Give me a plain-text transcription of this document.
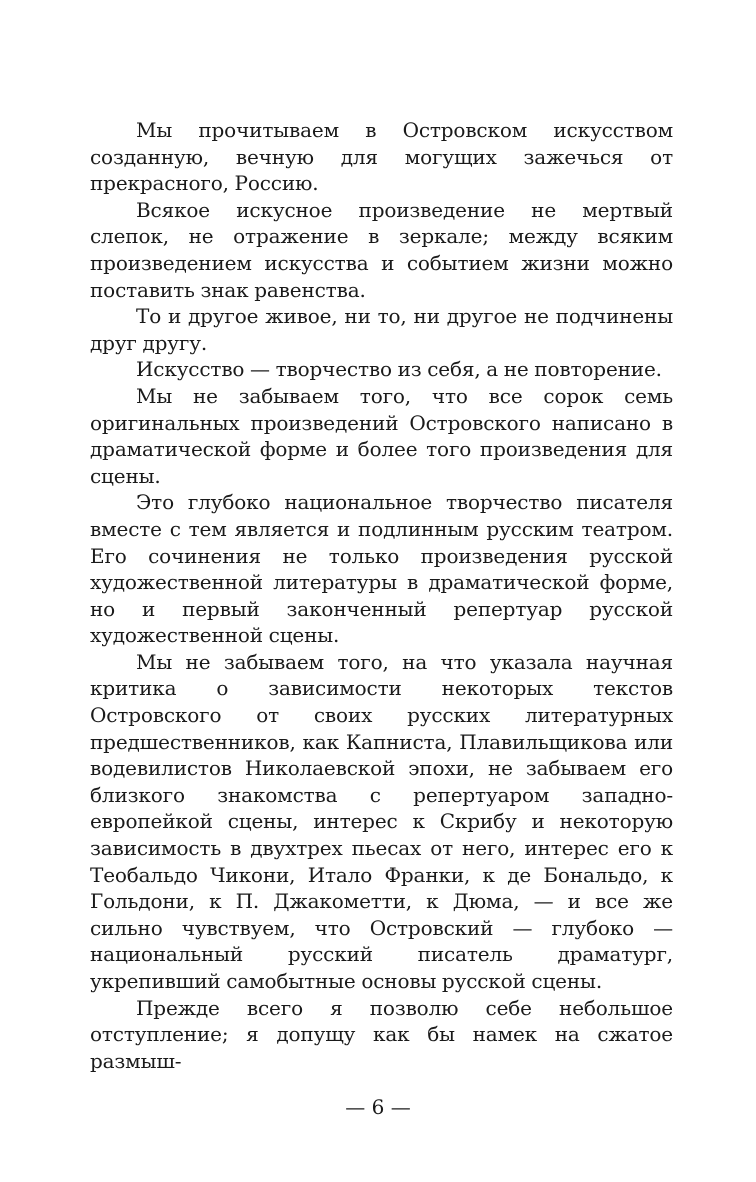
Мы прочитываем в Островском искусством созданную, вечную для могущих зажечься от прекрасного, Россию.

Всякое искусное произведение не мертвый слепок, не отражение в зеркале; между всяким произведением искусства и событием жизни можно поставить знак равенства.

То и другое живое, ни то, ни другое не подчинены друг другу.

Искусство — творчество из себя, а не повторение.

Мы не забываем того, что все сорок семь оригинальных произведений Островского написано в драматической форме и более того произведения для сцены.

Это глубоко национальное творчество писателя вместе с тем является и подлинным русским театром. Его сочинения не только произведения русской художественной литературы в драматической форме, но и первый законченный репертуар русской художественной сцены.

Мы не забываем того, на что указала научная критика о зависимости некоторых текстов Островского от своих русских литературных предшественников, как Капниста, Плавильщикова или водевилистов Николаевской эпохи, не забываем его близкого знакомства с репертуаром западно-европейкой сцены, интерес к Скрибу и некоторую зависимость в двухтрех пьесах от него, интерес его к Теобальдо Чикони, Итало Франки, к де Бональдо, к Гольдони, к П. Джакометти, к Дюма, — и все же сильно чувствуем, что Островский — глубоко — национальный русский писатель драматург, укрепивший самобытные основы русской сцены.

Прежде всего я позволю себе небольшое отступление; я допущу как бы намек на сжатое размыш-

— 6 —
